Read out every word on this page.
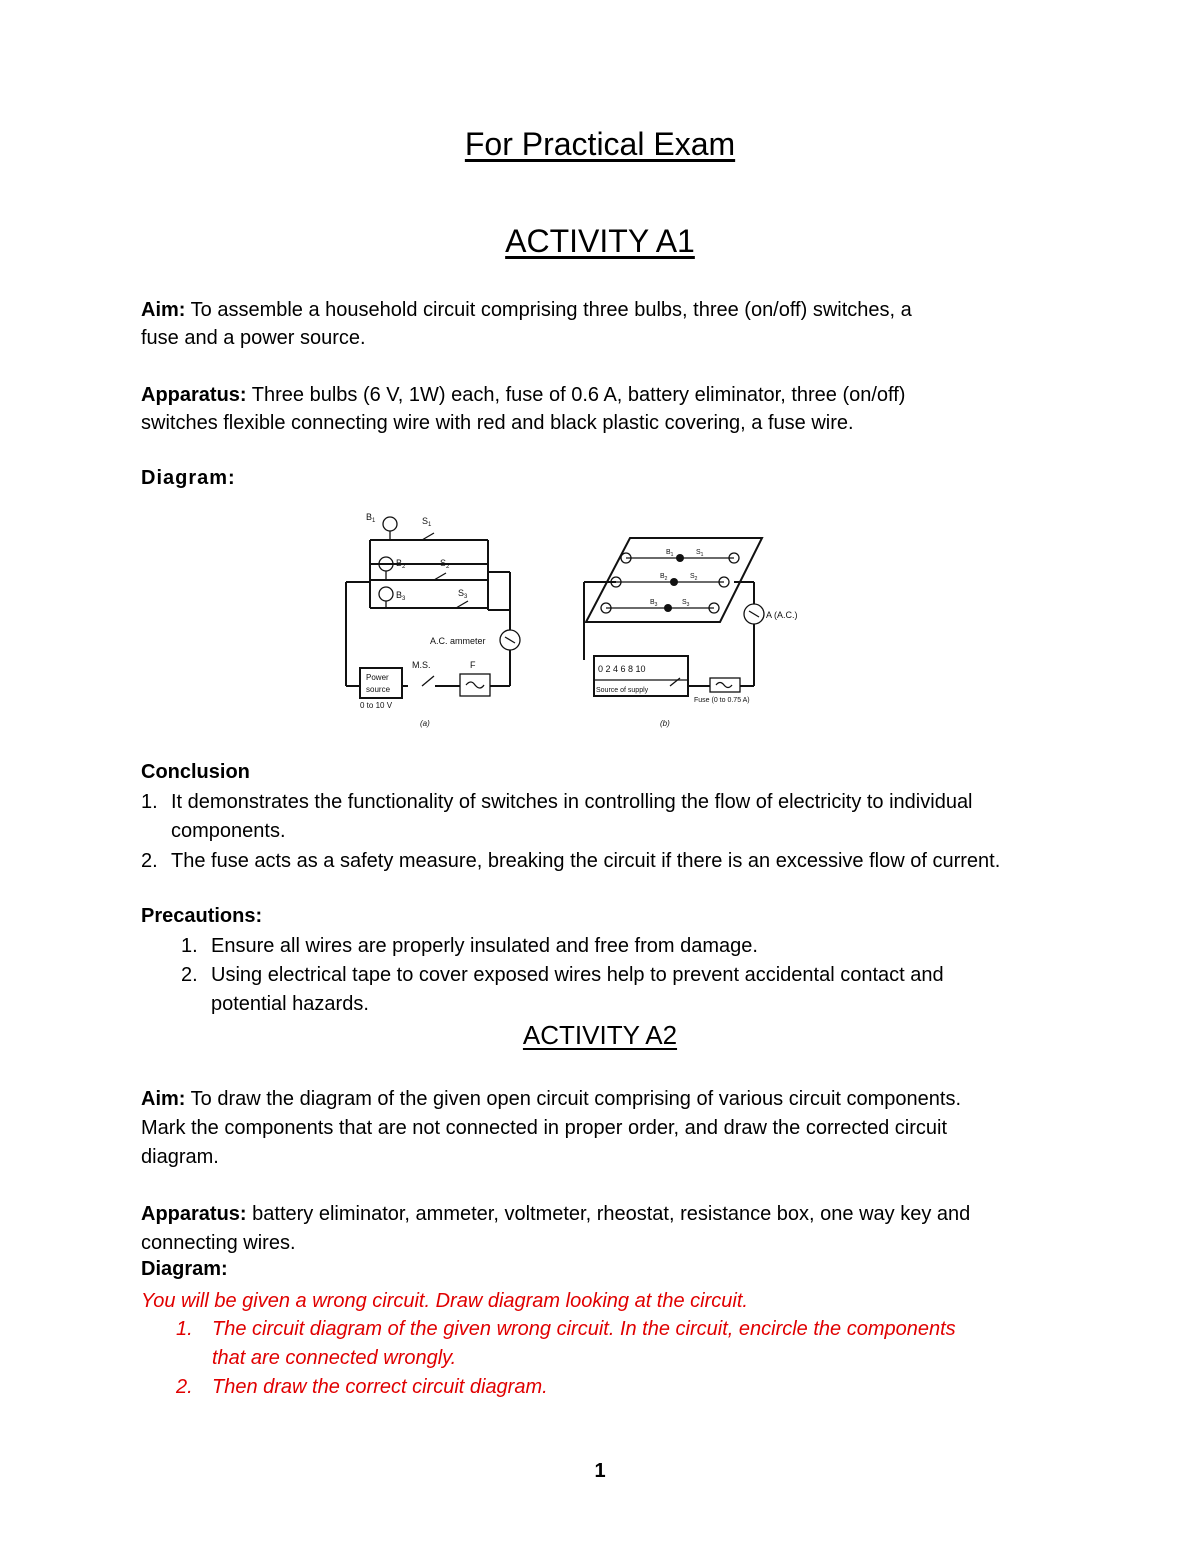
For Practical Exam
ACTIVITY A1
Aim: To assemble a household circuit comprising three bulbs, three (on/off) switches, a
fuse and a power source.
Apparatus: Three bulbs (6 V, 1W) each, fuse of 0.6 A, battery eliminator, three (on/off)
switches flexible connecting wire with red and black plastic covering, a fuse wire.
Diagram:
$B_1$
$B_2$
$B_3$
$S_1$
$S_2$
$S_3$
A.C. ammeter
M.S.	F
Power
source
0 to 10 V
(a)
$B_1$
$B_2$
$B_3$
$S_1$
$S_2$
$S_3$
A (A.C.)
0 2 4 6 8 10
Source of supply
Fuse (0 to 0.75 A)
(b)
Conclusion
1. It demonstrates the functionality of switches in controlling the flow of electricity to individual
components.
2. The fuse acts as a safety measure, breaking the circuit if there is an excessive flow of current.
Precautions:
1. Ensure all wires are properly insulated and free from damage.
2. Using electrical tape to cover exposed wires help to prevent accidental contact and
potential hazards.
ACTIVITY A2
Aim: To draw the diagram of the given open circuit comprising of various circuit components.
Mark the components that are not connected in proper order, and draw the corrected circuit
diagram.
Apparatus: battery eliminator, ammeter, voltmeter, rheostat, resistance box, one way key and
connecting wires.
Diagram:
You will be given a wrong circuit. Draw diagram looking at the circuit.
1. The circuit diagram of the given wrong circuit. In the circuit, encircle the components
that are connected wrongly.
2. Then draw the correct circuit diagram.
1
